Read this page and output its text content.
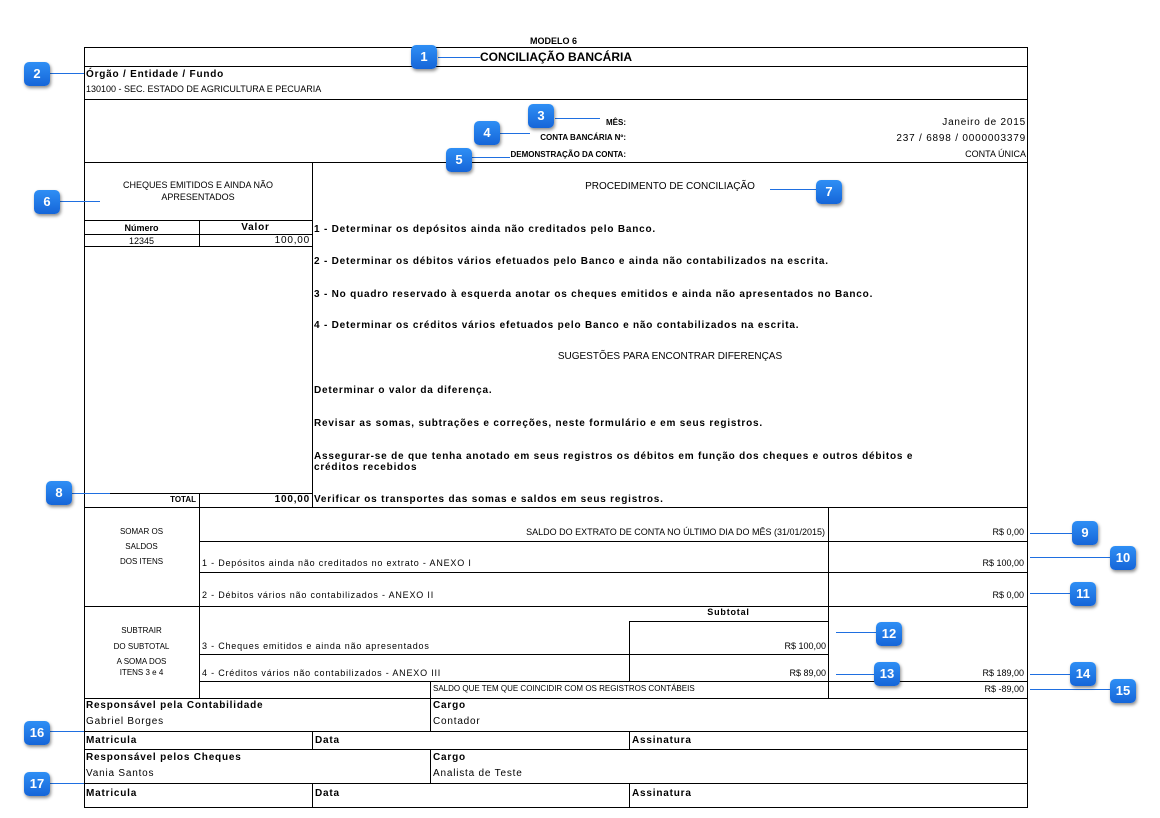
MODELO 6
CONCILIAÇÃO BANCÁRIA
Órgão / Entidade / Fundo
130100 - SEC. ESTADO DE AGRICULTURA E PECUARIA
MÊS:	Janeiro de 2015
CONTA BANCÁRIA Nº:	237 / 6898 / 0000003379
DEMONSTRAÇÃO DA CONTA:	CONTA ÚNICA
CHEQUES EMITIDOS E AINDA NÃO
APRESENTADOS
Número	Valor
12345	100,00
TOTAL	100,00
PROCEDIMENTO DE CONCILIAÇÃO
1 - Determinar os depósitos ainda não creditados pelo Banco.
2 - Determinar os débitos vários efetuados pelo Banco e ainda não contabilizados na escrita.
3 - No quadro reservado à esquerda anotar os cheques emitidos e ainda não apresentados no Banco.
4 - Determinar os créditos vários efetuados pelo Banco e não contabilizados na escrita.
SUGESTÕES PARA ENCONTRAR DIFERENÇAS
Determinar o valor da diferença.
Revisar as somas, subtrações e correções, neste formulário e em seus registros.
Assegurar-se de que tenha anotado em seus registros os débitos em função dos cheques e outros débitos e
créditos recebidos
Verificar os transportes das somas e saldos em seus registros.
SOMAR OS
SALDOS
DOS ITENS
SALDO DO EXTRATO DE CONTA NO ÚLTIMO DIA DO MÊS (31/01/2015)	R$ 0,00
1 - Depósitos ainda não creditados no extrato - ANEXO I	R$ 100,00
2 - Débitos vários não contabilizados - ANEXO II	R$ 0,00
SUBTRAIR
DO SUBTOTAL
A SOMA DOS
ITENS 3 e 4
Subtotal
3 - Cheques emitidos e ainda não apresentados	R$ 100,00
4 - Créditos vários não contabilizados - ANEXO III	R$ 89,00	R$ 189,00
SALDO QUE TEM QUE COINCIDIR COM OS REGISTROS CONTÁBEIS	R$ -89,00
Responsável pela Contabilidade
Gabriel Borges
Cargo
Contador
Matricula	Data	Assinatura
Responsável pelos Cheques
Vania Santos
Cargo
Analista de Teste
Matricula	Data	Assinatura
1
2
3
4
5
6
7
8
9
10
11
12
13	14
15
16
17
